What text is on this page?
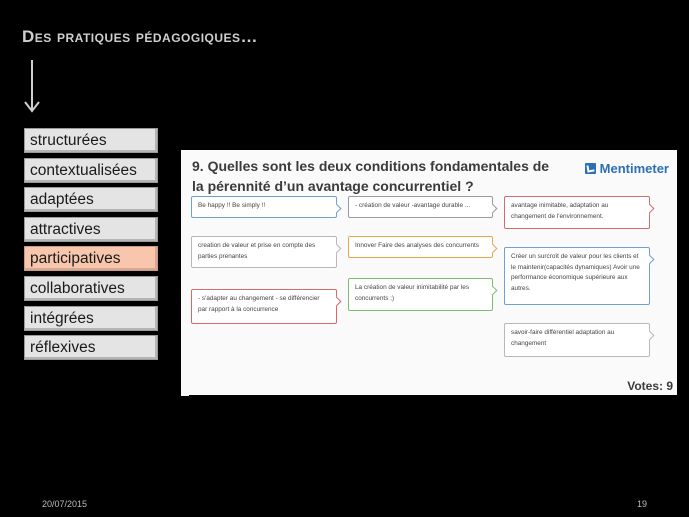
Des pratiques pédagogiques…
structurées
contextualisées
adaptées
attractives
participatives
collaboratives
intégrées
réflexives
9. Quelles sont les deux conditions fondamentales de
la pérennité d’un avantage concurrentiel ?
Mentimeter
Be happy !! Be simply !!
creation de valeur et prise en compte des parties prenantes
- s'adapter au changement - se différencier par rapport à la concurrence
- création de valeur -avantage durable ...
Innover Faire des analyses des concurrents
La création de valeur inimitabilité par les concurrents ;)
avantage inimitable, adaptation au changement de l'environnement.
Créer un surcroît de valeur pour les clients et le maintenir(capacités dynamiques) Avoir une performance économique supérieure aux autres.
savoir-faire différentiel adaptation au changement
Votes: 9
20/07/2015	19
